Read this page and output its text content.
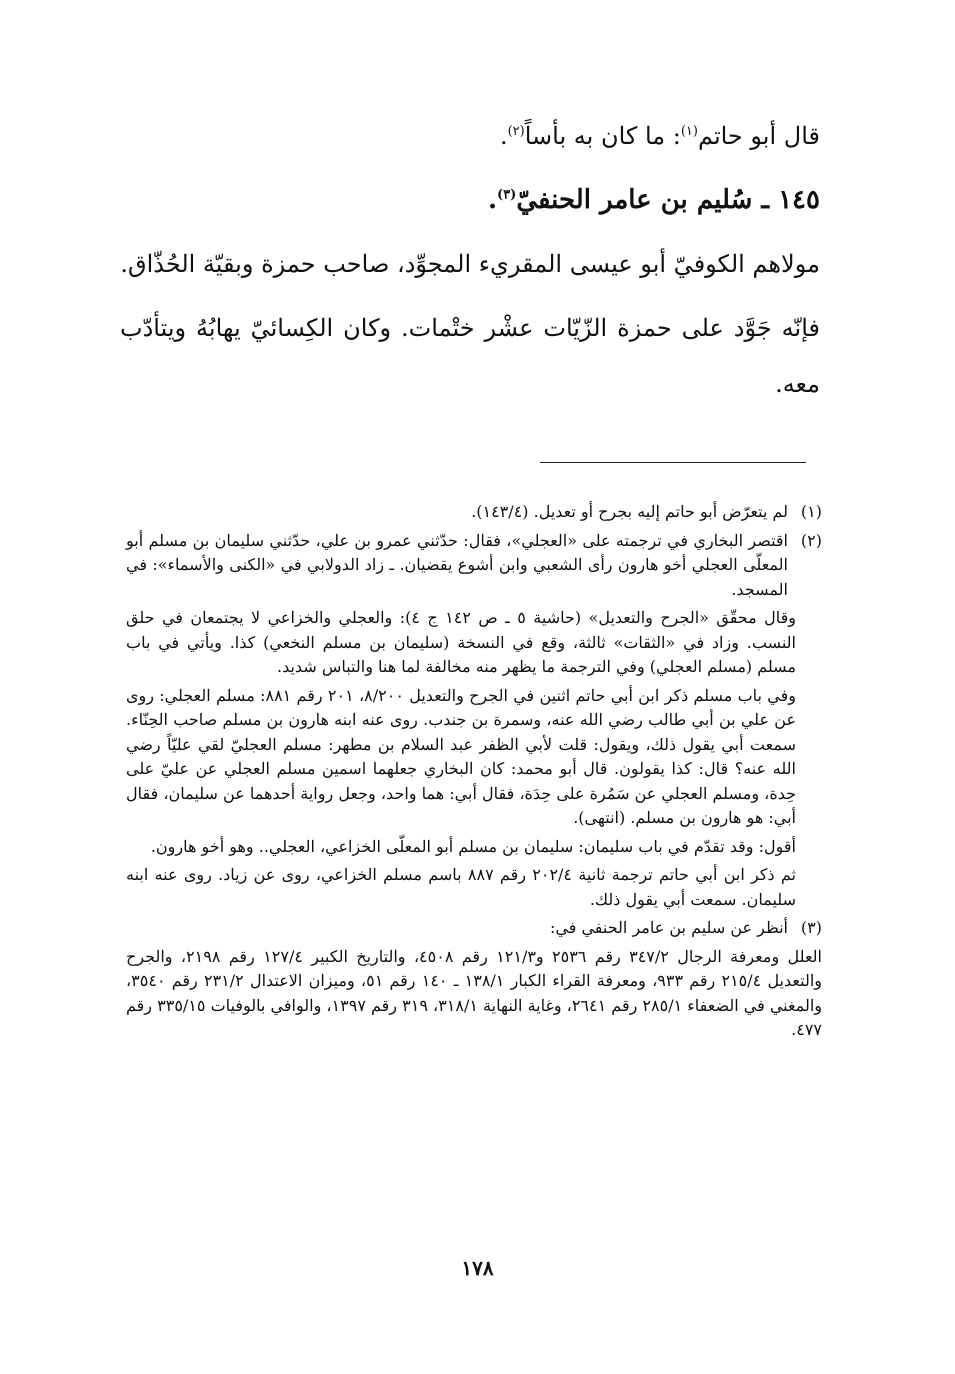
قال أبو حاتم$^{(١)}$: ما كان به بأساً$^{(٢)}$.

١٤٥ ـ سُليم بن عامر الحنفيّ$^{(٣)}$.

مولاهم الكوفيّ أبو عيسى المقريء المجوِّد، صاحب حمزة وبقيّة الحُذّاق.

فإنّه جَوَّد على حمزة الزّيّات عشْر ختْمات. وكان الكِسائيّ يهابُهُ ويتأدّب معه.

(١)
لم يتعرّض أبو حاتم إليه بجرح أو تعديل. (١٤٣/٤).

(٢)
اقتصر البخاري في ترجمته على «العجلي»، فقال: حدّثني عمرو بن علي، حدّثني سليمان بن مسلم أبو المعلّى العجلي أخو هارون رأى الشعبي وابن أشوع يقضيان. ـ زاد الدولابي في «الكنى والأسماء»: في المسجد.

وقال محقّق «الجرح والتعديل» (حاشية ٥ ـ ص ١٤٢ ج ٤): والعجلي والخزاعي لا يجتمعان في حلق النسب. وزاد في «الثقات» ثالثة، وقع في النسخة (سليمان بن مسلم النخعي) كذا. ويأتي في باب مسلم (مسلم العجلي) وفي الترجمة ما يظهر منه مخالفة لما هنا والتباس شديد.

وفي باب مسلم ذكر ابن أبي حاتم اثنين في الجرح والتعديل ٨/٢٠٠، ٢٠١ رقم ٨٨١: مسلم العجلي: روى عن علي بن أبي طالب رضي الله عنه، وسمرة بن جندب. روى عنه ابنه هارون بن مسلم صاحب الحِنّاء. سمعت أبي يقول ذلك، ويقول: قلت لأبي الظفر عبد السلام بن مطهر: مسلم العجليّ لقي عليّاً رضي الله عنه؟ قال: كذا يقولون. قال أبو محمد: كان البخاري جعلهما اسمين مسلم العجلي عن عليّ على حِدة، ومسلم العجلي عن سَمُرة على حِدَة، فقال أبي: هما واحد، وجعل رواية أحدهما عن سليمان، فقال أبي: هو هارون بن مسلم. (انتهى).

أقول: وقد تقدّم في باب سليمان: سليمان بن مسلم أبو المعلّى الخزاعي، العجلي.. وهو أخو هارون.

ثم ذكر ابن أبي حاتم ترجمة ثانية ٢٠٢/٤ رقم ٨٨٧ باسم مسلم الخزاعي، روى عن زياد. روى عنه ابنه سليمان. سمعت أبي يقول ذلك.

(٣)
أنظر عن سليم بن عامر الحنفي في:

العلل ومعرفة الرجال ٣٤٧/٢ رقم ٢٥٣٦ و١٢١/٣ رقم ٤٥٠٨، والتاريخ الكبير ١٢٧/٤ رقم ٢١٩٨، والجرح والتعديل ٢١٥/٤ رقم ٩٣٣، ومعرفة القراء الكبار ١٣٨/١ ـ ١٤٠ رقم ٥١، وميزان الاعتدال ٢٣١/٢ رقم ٣٥٤٠، والمغني في الضعفاء ٢٨٥/١ رقم ٢٦٤١، وغاية النهاية ٣١٨/١، ٣١٩ رقم ١٣٩٧، والوافي بالوفيات ٣٣٥/١٥ رقم ٤٧٧.

١٧٨
